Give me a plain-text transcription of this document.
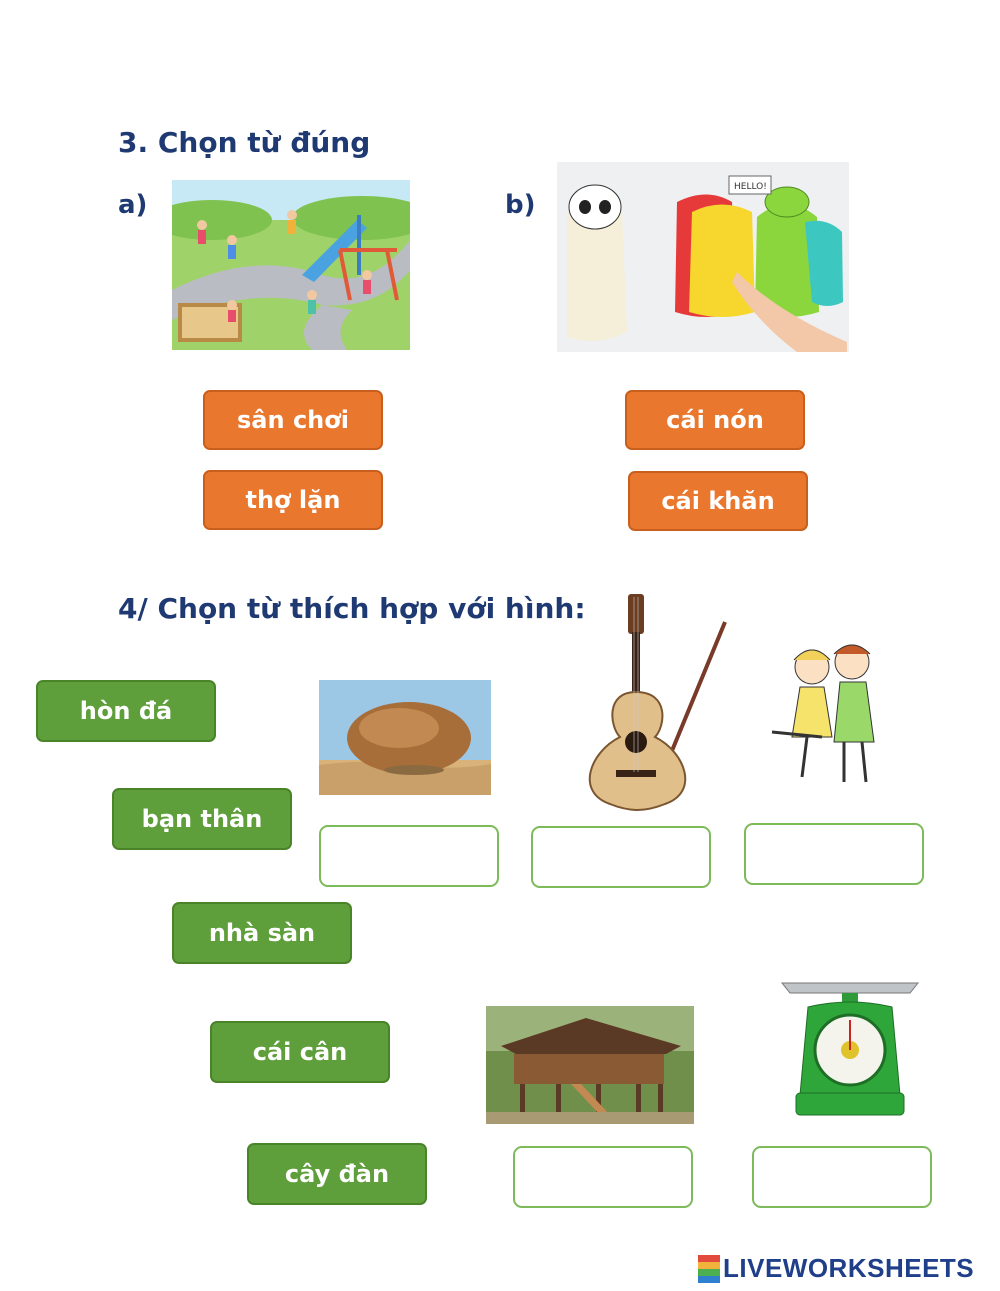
3. Chọn từ đúng
a)	b)
HELLO!
sân chơi
thợ lặn
cái nón
cái khăn
4/ Chọn từ thích hợp với hình:
hòn đá
bạn thân
nhà sàn
cái cân
cây đàn
LIVEWORKSHEETS
